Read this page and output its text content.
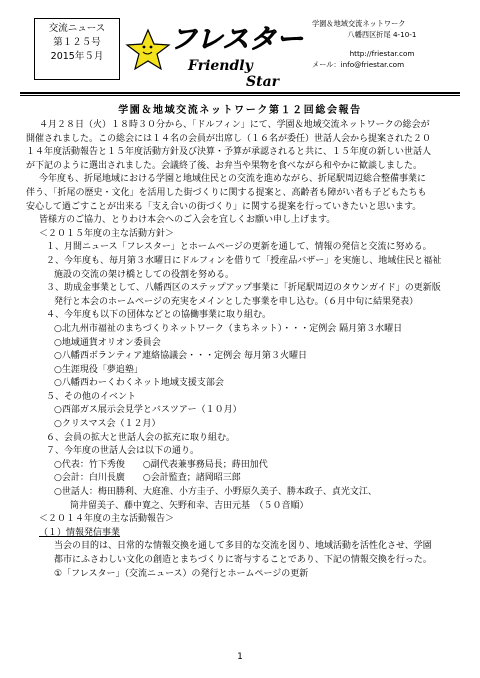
交流ニュース
第１２５号
2015年５月
フレスター
Friendly
Star
学園＆地域交流ネットワーク
八幡西区折尾 4-10-1
http://friestar.com
メール：info@friestar.com
学園＆地域交流ネットワーク第１２回総会報告

４月２８日（火）１８時３０分から、「ドルフィン」にて、学園＆地域交流ネットワークの総会が

開催されました。この総会には１４名の会員が出席し（１６名が委任）世話人会から提案された２０

１４年度活動報告と１５年度活動方針及び決算・予算が承認されると共に、１５年度の新しい世話人

が下記のように選出されました。会議終了後、お弁当や果物を食べながら和やかに歓談しました。

今年度も、折尾地域における学園と地域住民との交流を進めながら、折尾駅周辺総合整備事業に

伴う、「折尾の歴史・文化」を活用した街づくりに関する提案と、高齢者も障がい者も子どもたちも

安心して過ごすことが出来る「支え合いの街づくり」に関する提案を行っていきたいと思います。

皆様方のご協力、とりわけ本会へのご入会を宜しくお願い申し上げます。

＜２０１５年度の主な活動方針＞

１、月間ニュース「フレスター」とホームページの更新を通して、情報の発信と交流に努める。

２、今年度も、毎月第３水曜日にドルフィンを借りて「授産品バザー」を実施し、地域住民と福祉

施設の交流の架け橋としての役割を努める。

３、助成金事業として、八幡西区のステップアップ事業に「折尾駅周辺のタウンガイド」の更新版

発行と本会のホームページの充実をメインとした事業を申し込む。（６月中旬に結果発表）

４、今年度も以下の団体などとの協働事業に取り組む。

○北九州市福祉のまちづくりネットワーク（まちネット）・・・定例会 隔月第３水曜日

○地域通貨オリオン委員会

○八幡西ボランティア連絡協議会・・・定例会 毎月第３火曜日

○生涯現役「夢追塾」

○八幡西わーくわくネット地域支援支部会

５、その他のイベント

○西部ガス展示会見学とバスツアー（１０月）

○クリスマス会（１２月）

６、会員の拡大と世話人会の拡充に取り組む。

７、今年度の世話人会は以下の通り。

○代表：竹下秀俊　　○副代表兼事務局長；蒔田加代

○会計：白川長廣　　○会計監査；諸岡昭三郎

○世話人：梅田勝利、大庭准、小方圭子、小野原久美子、勝本政子、貞光文江、

筒井留美子、藤中寛之、矢野和幸、吉田元基　（５０音順）

＜２０１４年度の主な活動報告＞

（１）情報発信事業

当会の目的は、日常的な情報交換を通して多目的な交流を図り、地域活動を活性化させ、学園

都市にふさわしい文化の創造とまちづくりに寄与することであり、下記の情報交換を行った。

①「フレスター」（交流ニュース）の発行とホームページの更新

1
